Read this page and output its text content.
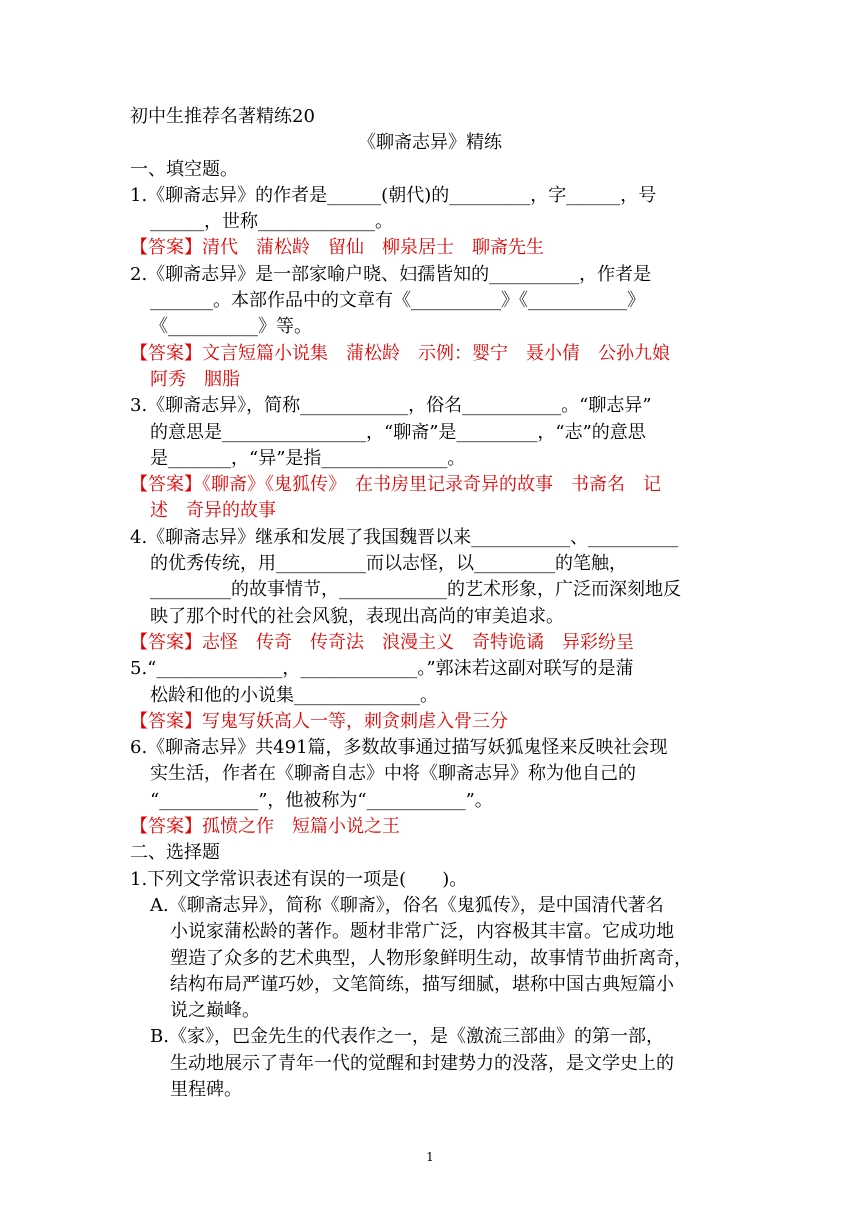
初中生推荐名著精练20
《聊斋志异》精练
一、填空题。
1.《聊斋志异》的作者是______(朝代)的_________，字______，号
______，世称_____________。
【答案】清代　蒲松龄　留仙　柳泉居士　聊斋先生
2.《聊斋志异》是一部家喻户晓、妇孺皆知的__________，作者是
_______。本部作品中的文章有《__________》《___________》
《__________》等。
【答案】文言短篇小说集　蒲松龄　示例：婴宁　聂小倩　公孙九娘
阿秀　胭脂
3.《聊斋志异》，简称____________，俗名___________。“聊志异”
的意思是________________，“聊斋”是_________，“志”的意思
是_______，“异”是指______________。
【答案】《聊斋》《鬼狐传》　在书房里记录奇异的故事　书斋名　记
述　奇异的故事
4.《聊斋志异》继承和发展了我国魏晋以来___________、__________
的优秀传统，用__________而以志怪，以_________的笔触，
_________的故事情节，____________的艺术形象，广泛而深刻地反
映了那个时代的社会风貌，表现出高尚的审美追求。
【答案】志怪　传奇　传奇法　浪漫主义　奇特诡谲　异彩纷呈
5.“______________，_____________。”郭沫若这副对联写的是蒲
松龄和他的小说集______________。
【答案】写鬼写妖高人一等，刺贪刺虐入骨三分
6.《聊斋志异》共491篇，多数故事通过描写妖狐鬼怪来反映社会现
实生活，作者在《聊斋自志》中将《聊斋志异》称为他自己的
“___________”，他被称为“___________”。
【答案】孤愤之作　短篇小说之王
二、选择题
1.下列文学常识表述有误的一项是(　　)。
A.《聊斋志异》，简称《聊斋》，俗名《鬼狐传》，是中国清代著名
小说家蒲松龄的著作。题材非常广泛，内容极其丰富。它成功地
塑造了众多的艺术典型，人物形象鲜明生动，故事情节曲折离奇，
结构布局严谨巧妙，文笔简练，描写细腻，堪称中国古典短篇小
说之巅峰。
B.《家》，巴金先生的代表作之一，是《激流三部曲》的第一部，
生动地展示了青年一代的觉醒和封建势力的没落，是文学史上的
里程碑。
1
